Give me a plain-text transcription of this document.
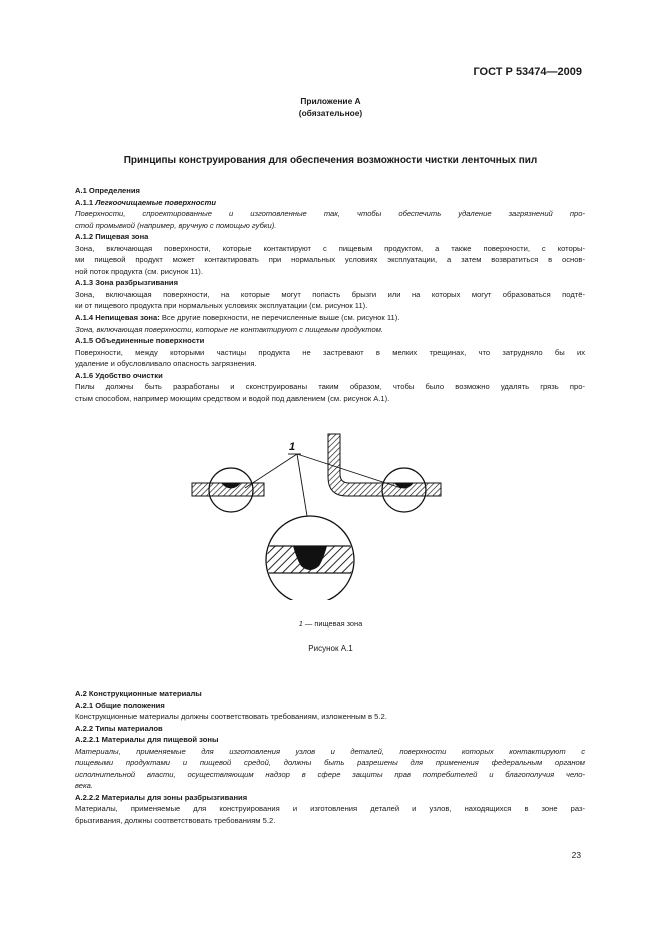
ГОСТ Р 53474—2009
Приложение А
(обязательное)
Принципы конструирования для обеспечения возможности чистки ленточных пил

А.1 Определения

А.1.1 Легкоочищаемые поверхности

Поверхности, спроектированные и изготовленные так, чтобы обеспечить удаление загрязнений про-

стой промывкой (например, вручную с помощью губки).

А.1.2 Пищевая зона

Зона, включающая поверхности, которые контактируют с пищевым продуктом, а также поверхности, с которы-

ми пищевой продукт может контактировать при нормальных условиях эксплуатации, а затем возвратиться в основ-

ной поток продукта (см. рисунок 11).

А.1.3 Зона разбрызгивания

Зона, включающая поверхности, на которые могут попасть брызги или на которых могут образоваться подтё-

ки от пищевого продукта при нормальных условиях эксплуатации (см. рисунок 11).

А.1.4 Непищевая зона: Все другие поверхности, не перечисленные выше (см. рисунок 11).

Зона, включающая поверхности, которые не контактируют с пищевым продуктом.

А.1.5 Объединенные поверхности

Поверхности, между которыми частицы продукта не застревают в мелких трещинах, что затрудняло бы их

удаление и обусловливало опасность загрязнения.

А.1.6 Удобство очистки

Пилы должны быть разработаны и сконструированы таким образом, чтобы было возможно удалять грязь про-

стым способом, например моющим средством и водой под давлением (см. рисунок А.1).

1
1 — пищевая зона
Рисунок А.1

А.2 Конструкционные материалы

А.2.1 Общие положения

Конструкционные материалы должны соответствовать требованиям, изложенным в 5.2.

А.2.2 Типы материалов

А.2.2.1 Материалы для пищевой зоны

Материалы, применяемые для изготовления узлов и деталей, поверхности которых контактируют с

пищевыми продуктами и пищевой средой, должны быть разрешены для применения федеральным органом

исполнительной власти, осуществляющим надзор в сфере защиты прав потребителей и благополучия чело-

века.

А.2.2.2 Материалы для зоны разбрызгивания

Материалы, применяемые для конструирования и изготовления деталей и узлов, находящихся в зоне раз-

брызгивания, должны соответствовать требованиям 5.2.

23
